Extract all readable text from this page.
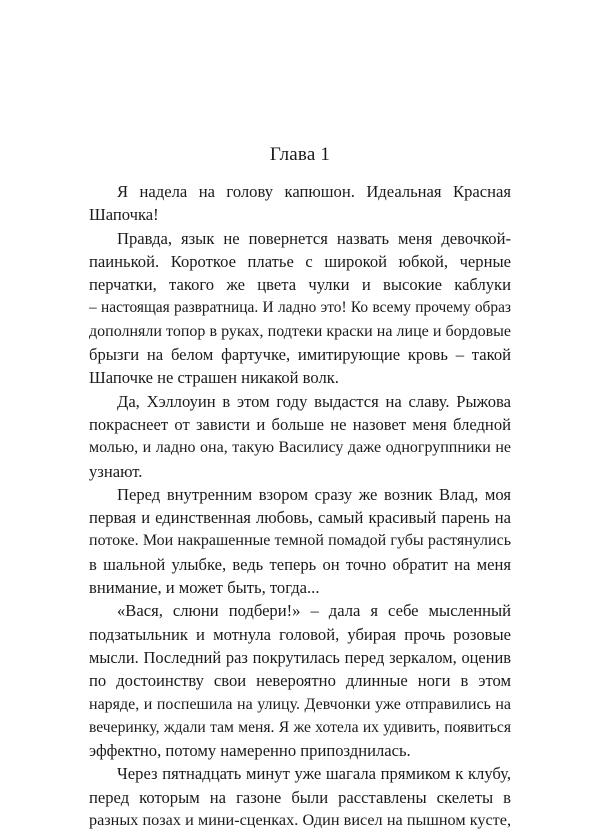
Глава 1
Я надела на голову капюшон. Идеальная Красная
Шапочка!
Правда, язык не повернется назвать меня девочкой-
паинькой. Короткое платье с широкой юбкой, черные
перчатки, такого же цвета чулки и высокие каблуки
– настоящая развратница. И ладно это! Ко всему прочему образ
дополняли топор в руках, подтеки краски на лице и бордовые
брызги на белом фартучке, имитирующие кровь – такой
Шапочке не страшен никакой волк.
Да, Хэллоуин в этом году выдастся на славу. Рыжова
покраснеет от зависти и больше не назовет меня бледной
молью, и ладно она, такую Василису даже одногруппники не
узнают.
Перед внутренним взором сразу же возник Влад, моя
первая и единственная любовь, самый красивый парень на
потоке. Мои накрашенные темной помадой губы растянулись
в шальной улыбке, ведь теперь он точно обратит на меня
внимание, и может быть, тогда...
«Вася, слюни подбери!» – дала я себе мысленный
подзатыльник и мотнула головой, убирая прочь розовые
мысли. Последний раз покрутилась перед зеркалом, оценив
по достоинству свои невероятно длинные ноги в этом
наряде, и поспешила на улицу. Девчонки уже отправились на
вечеринку, ждали там меня. Я же хотела их удивить, появиться
эффектно, потому намеренно припозднилась.
Через пятнадцать минут уже шагала прямиком к клубу,
перед которым на газоне были расставлены скелеты в
разных позах и мини-сценках. Один висел на пышном кусте,
